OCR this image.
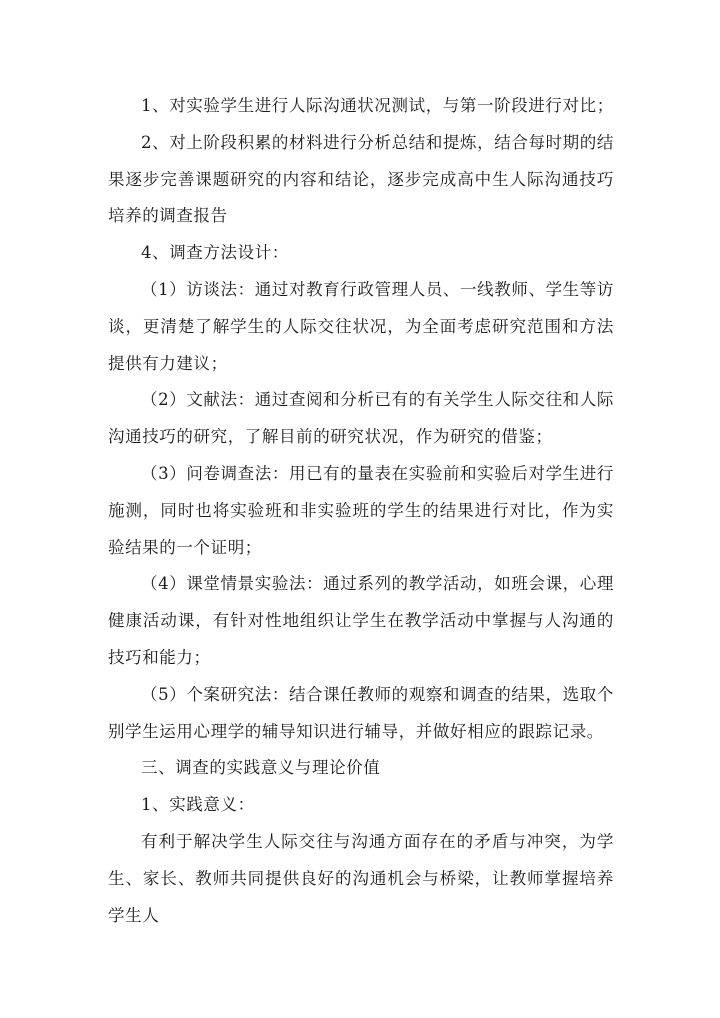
1、对实验学生进行人际沟通状况测试，与第一阶段进行对比；

2、对上阶段积累的材料进行分析总结和提炼，结合每时期的结果逐步完善课题研究的内容和结论，逐步完成高中生人际沟通技巧培养的调查报告

4、调查方法设计：

（1）访谈法：通过对教育行政管理人员、一线教师、学生等访谈，更清楚了解学生的人际交往状况，为全面考虑研究范围和方法提供有力建议；

（2）文献法：通过查阅和分析已有的有关学生人际交往和人际沟通技巧的研究，了解目前的研究状况，作为研究的借鉴；

（3）问卷调查法：用已有的量表在实验前和实验后对学生进行施测，同时也将实验班和非实验班的学生的结果进行对比，作为实验结果的一个证明；

（4）课堂情景实验法：通过系列的教学活动，如班会课，心理健康活动课，有针对性地组织让学生在教学活动中掌握与人沟通的技巧和能力；

（5）个案研究法：结合课任教师的观察和调查的结果，选取个别学生运用心理学的辅导知识进行辅导，并做好相应的跟踪记录。

三、调查的实践意义与理论价值

1、实践意义：

有利于解决学生人际交往与沟通方面存在的矛盾与冲突，为学生、家长、教师共同提供良好的沟通机会与桥梁，让教师掌握培养学生人
